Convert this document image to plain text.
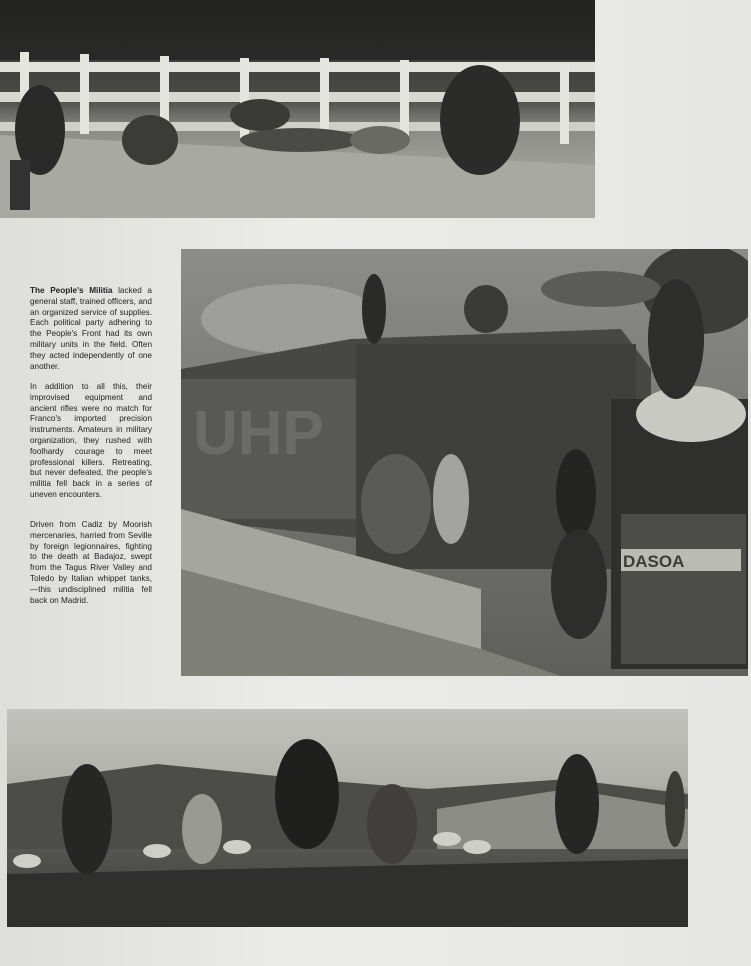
UHP
DASOA

The People's Militia lacked a general staff, trained officers, and an organized service of supplies. Each political party adhering to the People's Front had its own military units in the field. Often they acted independently of one another.

In addition to all this, their improvised equipment and ancient rifles were no match for Franco's imported precision instruments. Amateurs in military organization, they rushed with foolhardy courage to meet professional killers. Retreating, but never defeated, the people's militia fell back in a series of uneven encounters.

Driven from Cadiz by Moorish mercenaries, harried from Seville by foreign legionnaires, fighting to the death at Badajoz, swept from the Tagus River Valley and Toledo by Italian whippet tanks, —this undisciplined militia fell back on Madrid.
